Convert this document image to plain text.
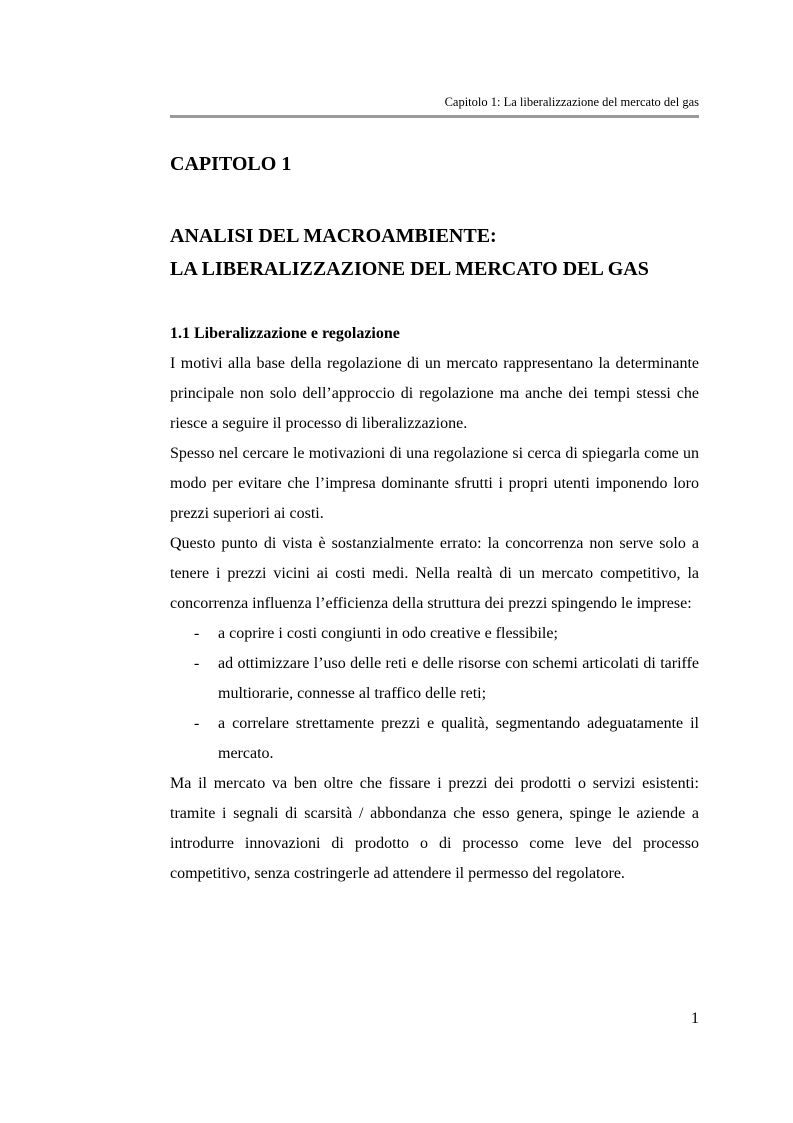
Capitolo 1: La liberalizzazione del mercato del gas
CAPITOLO 1
ANALISI DEL MACROAMBIENTE:
LA LIBERALIZZAZIONE DEL MERCATO DEL GAS
1.1 Liberalizzazione e regolazione

I motivi alla base della regolazione di un mercato rappresentano la determinante principale non solo dell’approccio di regolazione ma anche dei tempi stessi che riesce a seguire il processo di liberalizzazione.

Spesso nel cercare le motivazioni di una regolazione si cerca di spiegarla come un modo per evitare che l’impresa dominante sfrutti i propri utenti imponendo loro prezzi superiori ai costi.

Questo punto di vista è sostanzialmente errato: la concorrenza non serve solo a tenere i prezzi vicini ai costi medi. Nella realtà di un mercato competitivo, la concorrenza influenza l’efficienza della struttura dei prezzi spingendo le imprese:

- a coprire i costi congiunti in odo creative e flessibile;
- ad ottimizzare l’uso delle reti e delle risorse con schemi articolati di tariffe multiorarie, connesse al traffico delle reti;
- a correlare strettamente prezzi e qualità, segmentando adeguatamente il mercato.

Ma il mercato va ben oltre che fissare i prezzi dei prodotti o servizi esistenti: tramite i segnali di scarsità / abbondanza che esso genera, spinge le aziende a introdurre innovazioni di prodotto o di processo come leve del processo competitivo, senza costringerle ad attendere il permesso del regolatore.

1
